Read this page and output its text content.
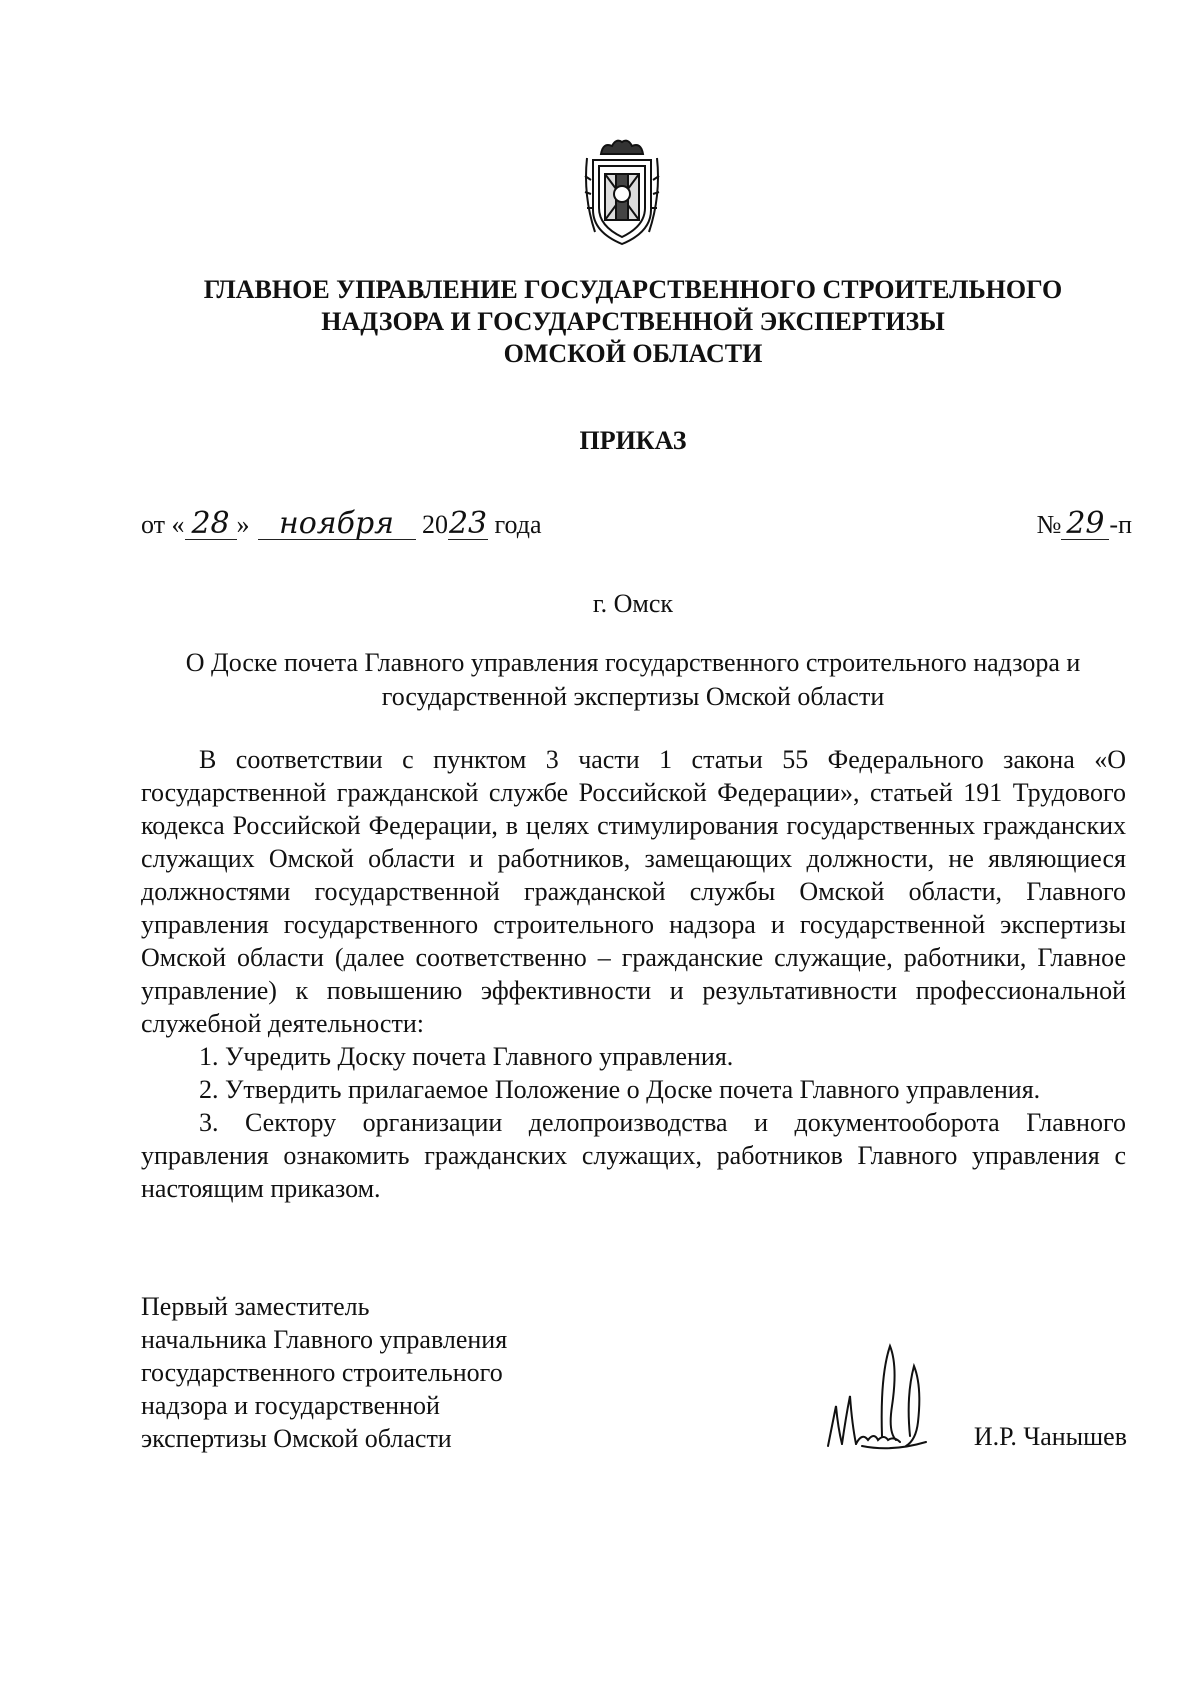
ГЛАВНОЕ УПРАВЛЕНИЕ ГОСУДАРСТВЕННОГО СТРОИТЕЛЬНОГО
НАДЗОРА И ГОСУДАРСТВЕННОЙ ЭКСПЕРТИЗЫ
ОМСКОЙ ОБЛАСТИ
ПРИКАЗ
от « 28 » ноября 2023 года	№ 29 -п
г. Омск
О Доске почета Главного управления государственного строительного надзора и
государственной экспертизы Омской области

В соответствии с пунктом 3 части 1 статьи 55 Федерального закона «О государственной гражданской службе Российской Федерации», статьей 191 Трудового кодекса Российской Федерации, в целях стимулирования государственных гражданских служащих Омской области и работников, замещающих должности, не являющиеся должностями государственной гражданской службы Омской области, Главного управления государственного строительного надзора и государственной экспертизы Омской области (далее соответственно – гражданские служащие, работники, Главное управление) к повышению эффективности и результативности профессиональной служебной деятельности:

1. Учредить Доску почета Главного управления.

2. Утвердить прилагаемое Положение о Доске почета Главного управления.

3. Сектору организации делопроизводства и документооборота Главного управления ознакомить гражданских служащих, работников Главного управления с настоящим приказом.

Первый заместитель
начальника Главного управления
государственного строительного
надзора и государственной
экспертизы Омской области	И.Р. Чанышев
